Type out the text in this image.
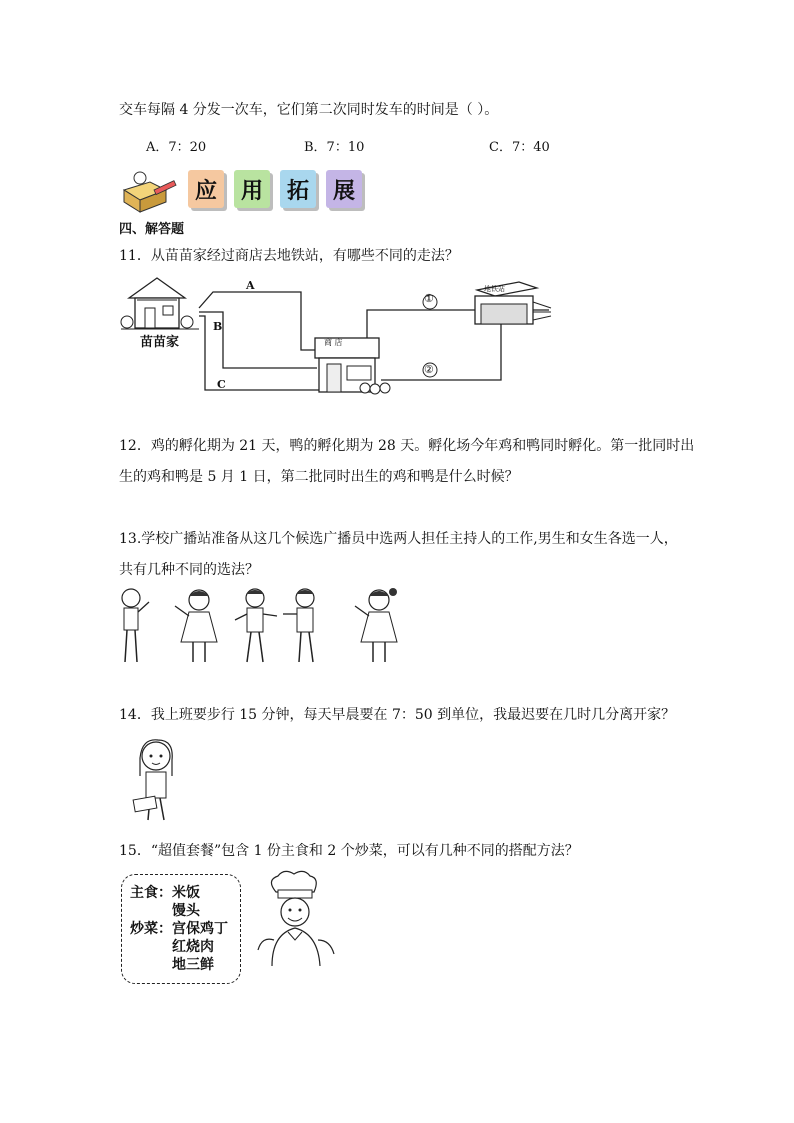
交车每隔 4 分发一次车，它们第二次同时发车的时间是（ ）。
A．7：20	B．7：10	C．7：40
应 用 拓 展
四、解答题
11．从苗苗家经过商店去地铁站，有哪些不同的走法？
A
B
C
苗苗家	商 店
地铁站
①
②
12．鸡的孵化期为 21 天，鸭的孵化期为 28 天。孵化场今年鸡和鸭同时孵化。第一批同时出
生的鸡和鸭是 5 月 1 日，第二批同时出生的鸡和鸭是什么时候？
13.学校广播站准备从这几个候选广播员中选两人担任主持人的工作,男生和女生各选一人，
共有几种不同的选法？
14．我上班要步行 15 分钟，每天早晨要在 7：50 到单位，我最迟要在几时几分离开家？
15．“超值套餐”包含 1 份主食和 2 个炒菜，可以有几种不同的搭配方法？
主食： 米饭
馒头
炒菜： 宫保鸡丁
红烧肉
地三鲜
